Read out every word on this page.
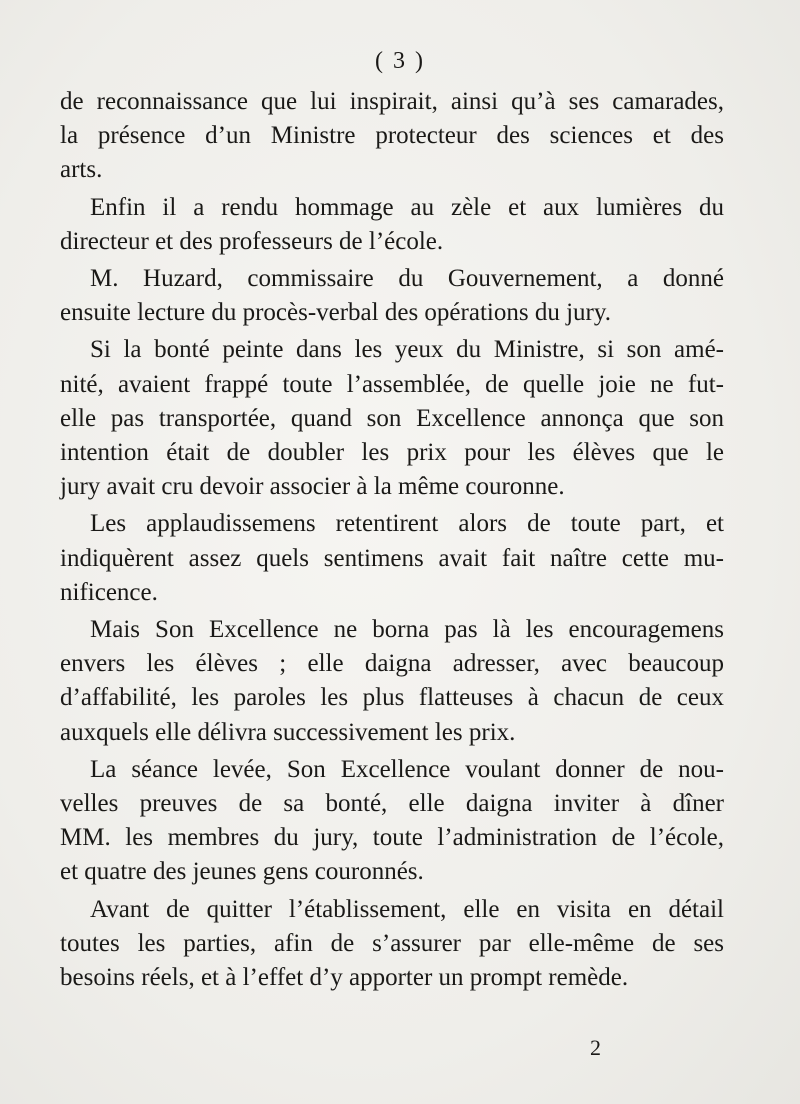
( 3 )

de reconnaissance que lui inspirait, ainsi qu’à ses camarades,
la présence d’un Ministre protecteur des sciences et des
arts.

Enfin il a rendu hommage au zèle et aux lumières du
directeur et des professeurs de l’école.

M. Huzard, commissaire du Gouvernement, a donné
ensuite lecture du procès-verbal des opérations du jury.

Si la bonté peinte dans les yeux du Ministre, si son amé-
nité, avaient frappé toute l’assemblée, de quelle joie ne fut-
elle pas transportée, quand son Excellence annonça que son
intention était de doubler les prix pour les élèves que le
jury avait cru devoir associer à la même couronne.

Les applaudissemens retentirent alors de toute part, et
indiquèrent assez quels sentimens avait fait naître cette mu-
nificence.

Mais Son Excellence ne borna pas là les encouragemens
envers les élèves ; elle daigna adresser, avec beaucoup
d’affabilité, les paroles les plus flatteuses à chacun de ceux
auxquels elle délivra successivement les prix.

La séance levée, Son Excellence voulant donner de nou-
velles preuves de sa bonté, elle daigna inviter à dîner
MM. les membres du jury, toute l’administration de l’école,
et quatre des jeunes gens couronnés.

Avant de quitter l’établissement, elle en visita en détail
toutes les parties, afin de s’assurer par elle-même de ses
besoins réels, et à l’effet d’y apporter un prompt remède.

2
